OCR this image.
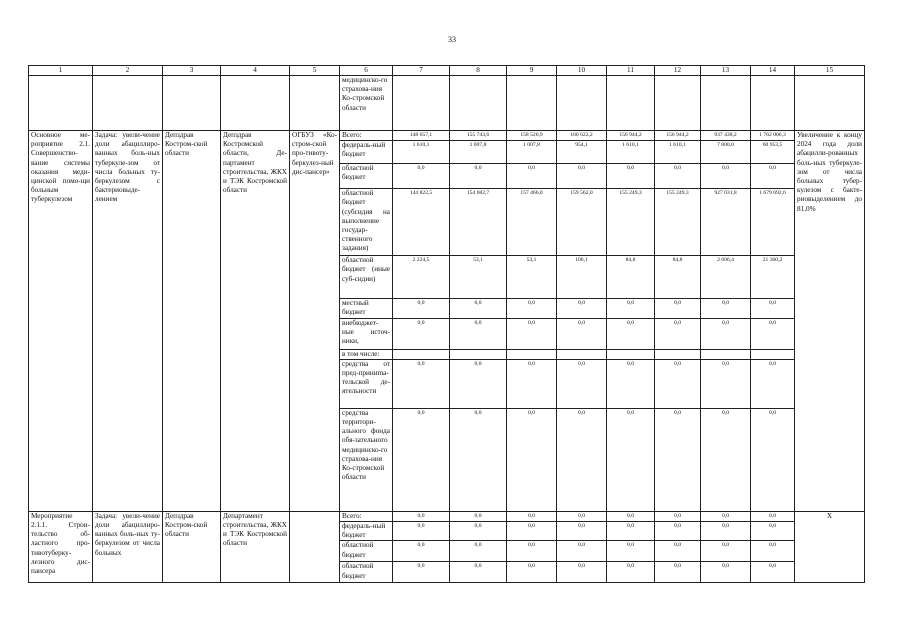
33
1	2	3	4	5	6	7	8	9	10	11	12	13	14	15
					медицинско-го страхова-ния Ко-стромской области									
Основное ме-роприятие 2.1. Совершенство-вание системы оказания меди-цинской помо-щи больным туберкулезом	Задача: увели-чение доли абациллиро-ванных боль-ных туберкуле-зом от числа больных ту-беркулезом с бактериовыде-лением	Депздрав Костром-ской области	Депздрав Костромской области, Де-партамент строительства, ЖКХ и ТЭК Костромской области	ОГБУЗ «Ко-стром-ской про-тивоту-беркулез-ный дис-пансер»	Всего:	148 657,1	155 743,6	158 526,9	160 622,2	156 944,2	156 944,2	937 438,2	1 762 006,3	Увеличение к концу 2024 года доли абацилли-рованных боль-ных туберкуле-зом от числа больных тубер-кулезом с бакте-риовыделением до 81,0%
					федераль-ный бюджет	1 610,1	1 007,8	1 007,8	954,1	1 610,1	1 610,1	7 800,0	60 953,5	
					областной бюджет	0,0	0,0	0,0	0,0	0,0	0,0	0,0	0,0	
					областной бюджет (субсидия на выполнение государ-ственного задания)	144 822,5	154 682,7	157 466,0	159 562,0	155 249,3	155 249,3	927 031,8	1 679 692,6	
					областной бюджет (иные суб-сидии)	2 224,5	53,1	53,1	106,1	84,8	84,8	2 606,4	21 360,2	
					местный бюджет	0,0	0,0	0,0	0,0	0,0	0,0	0,0	0,0	
					внебюджет-ные источ-ники,	0,0	0,0	0,0	0,0	0,0	0,0	0,0	0,0	
					в том числе:									
					средства от пред-приниma-тельской де-ятельности	0,0	0,0	0,0	0,0	0,0	0,0	0,0	0,0	
					средства территори-ального фонда обя-зательного медицинско-го страхова-ния Ко-стромской области	0,0	0,0	0,0	0,0	0,0	0,0	0,0	0,0	
Мероприятие 2.1.1. Строи-тельство об-ластного про-тивотуберку-лезного дис-пансера	Задача: увели-чение доли абациллиро-ванных боль-ных ту-беркулезом от числа больных	Депздрав Костром-ской области	Департамент строительства, ЖКХ и ТЭК Костромской области		Всего:	0,0	0,0	0,0	0,0	0,0	0,0	0,0	0,0	Х
					федераль-ный бюджет	0,0	0,0	0,0	0,0	0,0	0,0	0,0	0,0	
					областной бюджет	0,0	0,0	0,0	0,0	0,0	0,0	0,0	0,0	
					областной бюджет	0,0	0,0	0,0	0,0	0,0	0,0	0,0	0,0	
